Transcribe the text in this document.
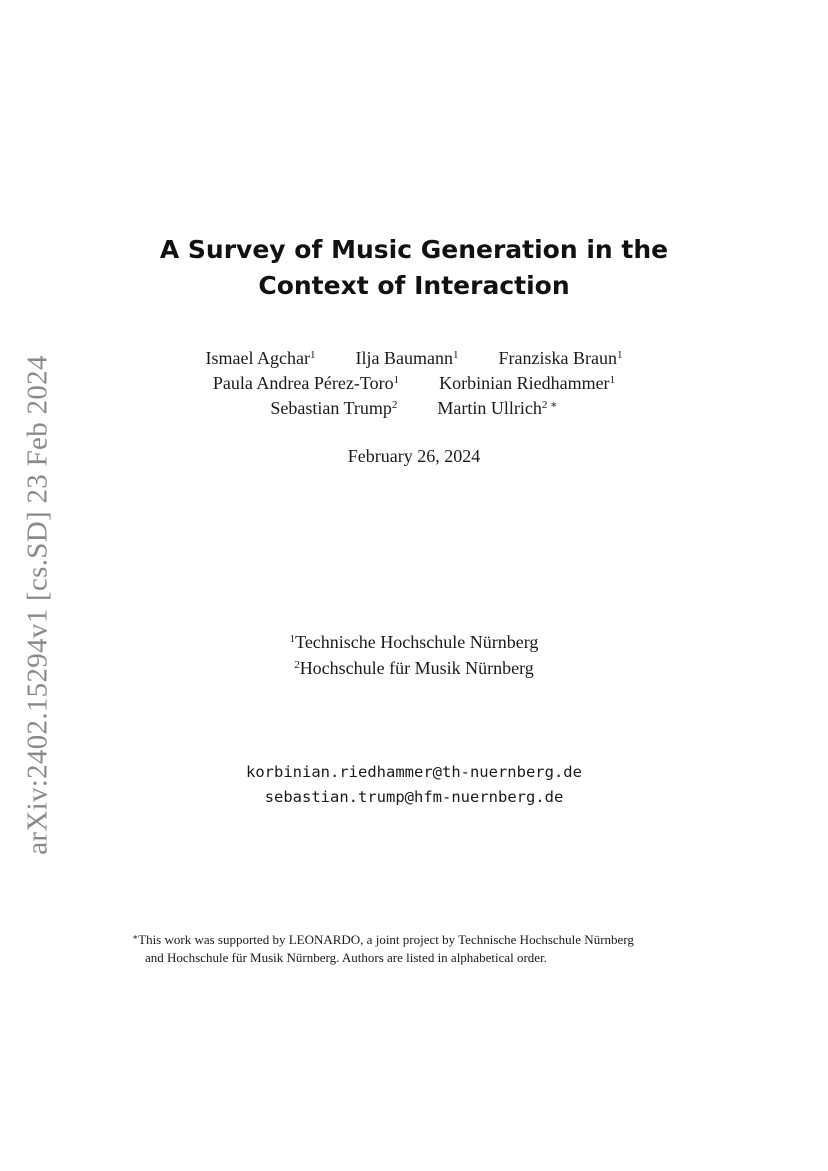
arXiv:2402.15294v1 [cs.SD] 23 Feb 2024
A Survey of Music Generation in the
Context of Interaction
Ismael Agchar$^1$ Ilja Baumann$^1$ Franziska Braun$^1$
Paula Andrea Pérez-Toro$^1$ Korbinian Riedhammer$^1$
Sebastian Trump$^2$ Martin Ullrich$^{2 ∗}$
February 26, 2024
$^1$Technische Hochschule Nürnberg
$^2$Hochschule für Musik Nürnberg
korbinian.riedhammer@th-nuernberg.de
sebastian.trump@hfm-nuernberg.de
∗This work was supported by LEONARDO, a joint project by Technische Hochschule Nürnberg
and Hochschule für Musik Nürnberg. Authors are listed in alphabetical order.
